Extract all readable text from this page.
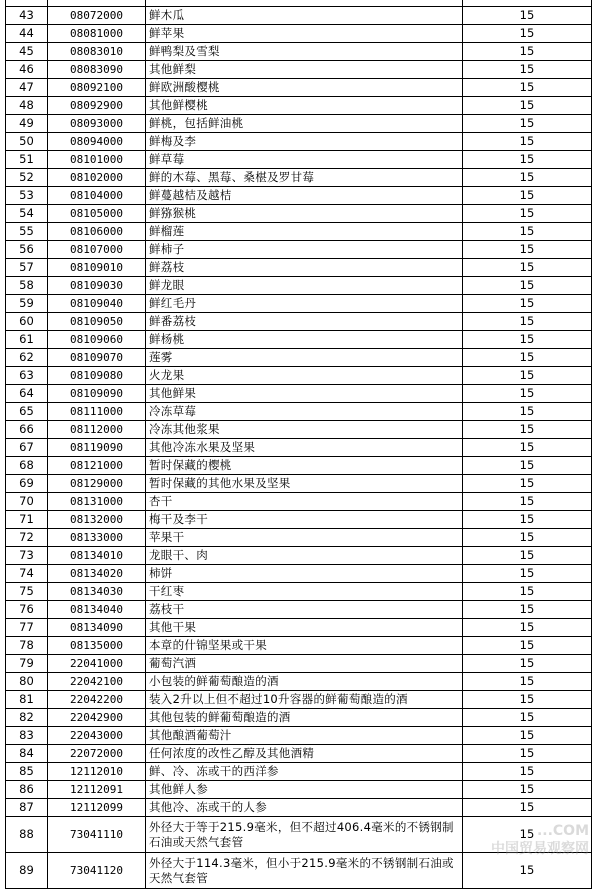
43	08072000	鲜木瓜	15
44	08081000	鲜苹果	15
45	08083010	鲜鸭梨及雪梨	15
46	08083090	其他鲜梨	15
47	08092100	鲜欧洲酸樱桃	15
48	08092900	其他鲜樱桃	15
49	08093000	鲜桃，包括鲜油桃	15
50	08094000	鲜梅及李	15
51	08101000	鲜草莓	15
52	08102000	鲜的木莓、黑莓、桑椹及罗甘莓	15
53	08104000	鲜蔓越桔及越桔	15
54	08105000	鲜猕猴桃	15
55	08106000	鲜榴莲	15
56	08107000	鲜柿子	15
57	08109010	鲜荔枝	15
58	08109030	鲜龙眼	15
59	08109040	鲜红毛丹	15
60	08109050	鲜番荔枝	15
61	08109060	鲜杨桃	15
62	08109070	莲雾	15
63	08109080	火龙果	15
64	08109090	其他鲜果	15
65	08111000	冷冻草莓	15
66	08112000	冷冻其他浆果	15
67	08119090	其他冷冻水果及坚果	15
68	08121000	暂时保藏的樱桃	15
69	08129000	暂时保藏的其他水果及坚果	15
70	08131000	杏干	15
71	08132000	梅干及李干	15
72	08133000	苹果干	15
73	08134010	龙眼干、肉	15
74	08134020	柿饼	15
75	08134030	干红枣	15
76	08134040	荔枝干	15
77	08134090	其他干果	15
78	08135000	本章的什锦坚果或干果	15
79	22041000	葡萄汽酒	15
80	22042100	小包装的鲜葡萄酿造的酒	15
81	22042200	装入2升以上但不超过10升容器的鲜葡萄酿造的酒	15
82	22042900	其他包装的鲜葡萄酿造的酒	15
83	22043000	其他酿酒葡萄汁	15
84	22072000	任何浓度的改性乙醇及其他酒精	15
85	12112010	鲜、冷、冻或干的西洋参	15
86	12112091	其他鲜人参	15
87	12112099	其他冷、冻或干的人参	15
88	73041110	外径大于等于215.9毫米，但不超过406.4毫米的不锈钢制石油或天然气套管	15
89	73041120	外径大于114.3毫米，但小于215.9毫米的不锈钢制石油或天然气套管	15
...COM
中国贸易观察网
